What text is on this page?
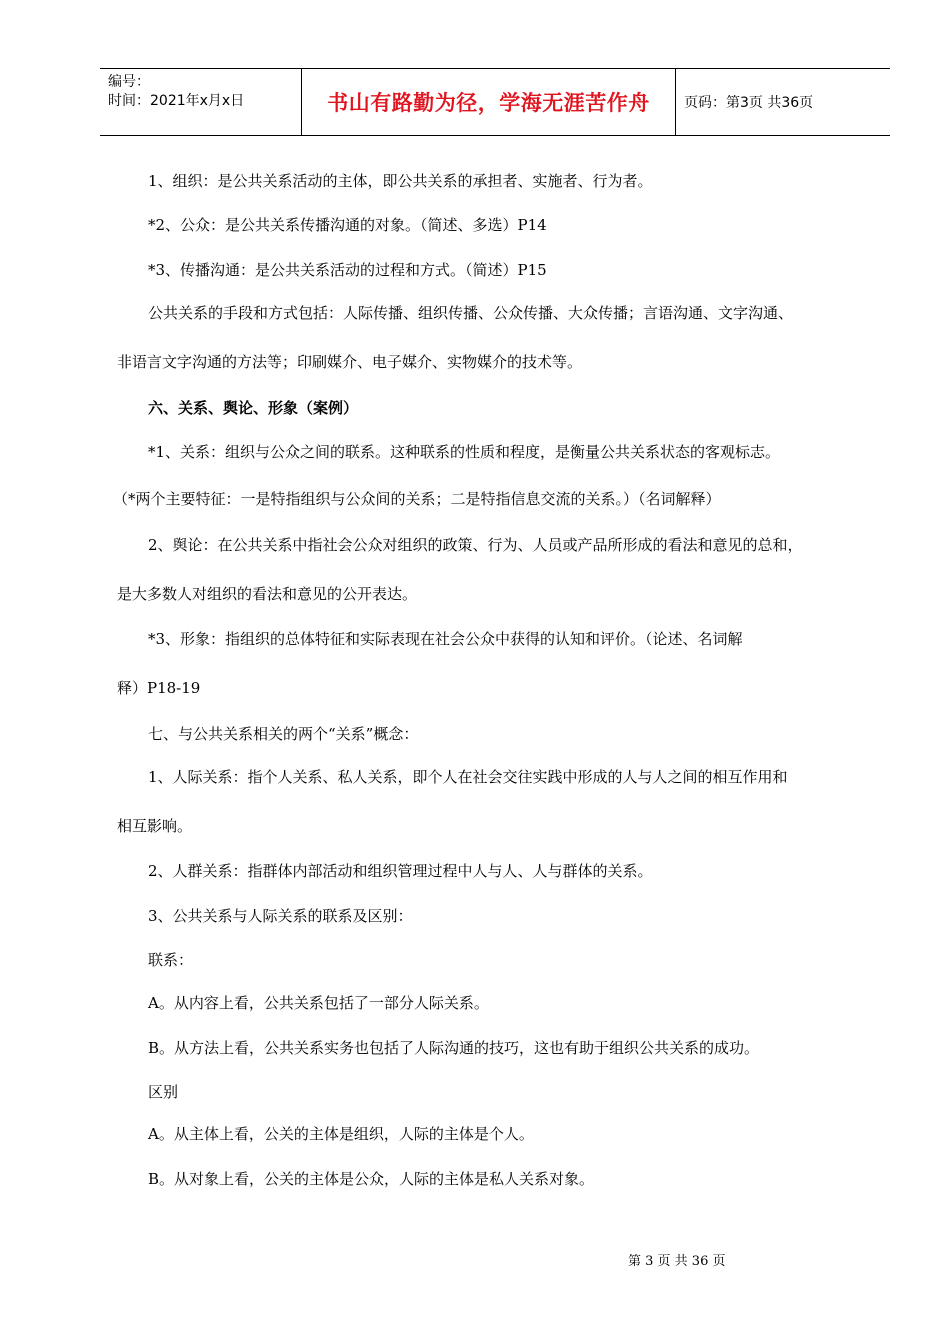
编号：
时间：2021年x月x日	书山有路勤为径，学海无涯苦作舟	页码：第3页 共36页
1、组织：是公共关系活动的主体，即公共关系的承担者、实施者、行为者。
*2、公众：是公共关系传播沟通的对象。（简述、多选）P14
*3、传播沟通：是公共关系活动的过程和方式。（简述）P15
公共关系的手段和方式包括：人际传播、组织传播、公众传播、大众传播；言语沟通、文字沟通、
非语言文字沟通的方法等；印刷媒介、电子媒介、实物媒介的技术等。
六、关系、舆论、形象（案例）
*1、关系：组织与公众之间的联系。这种联系的性质和程度，是衡量公共关系状态的客观标志。
（*两个主要特征：一是特指组织与公众间的关系；二是特指信息交流的关系。）（名词解释）
2、舆论：在公共关系中指社会公众对组织的政策、行为、人员或产品所形成的看法和意见的总和，
是大多数人对组织的看法和意见的公开表达。
*3、形象：指组织的总体特征和实际表现在社会公众中获得的认知和评价。（论述、名词解
释）P18-19
七、与公共关系相关的两个“关系”概念：
1、人际关系：指个人关系、私人关系，即个人在社会交往实践中形成的人与人之间的相互作用和
相互影响。
2、人群关系：指群体内部活动和组织管理过程中人与人、人与群体的关系。
3、公共关系与人际关系的联系及区别：
联系：
A。从内容上看，公共关系包括了一部分人际关系。
B。从方法上看，公共关系实务也包括了人际沟通的技巧，这也有助于组织公共关系的成功。
区别
A。从主体上看，公关的主体是组织，人际的主体是个人。
B。从对象上看，公关的主体是公众，人际的主体是私人关系对象。
第 3 页 共 36 页
